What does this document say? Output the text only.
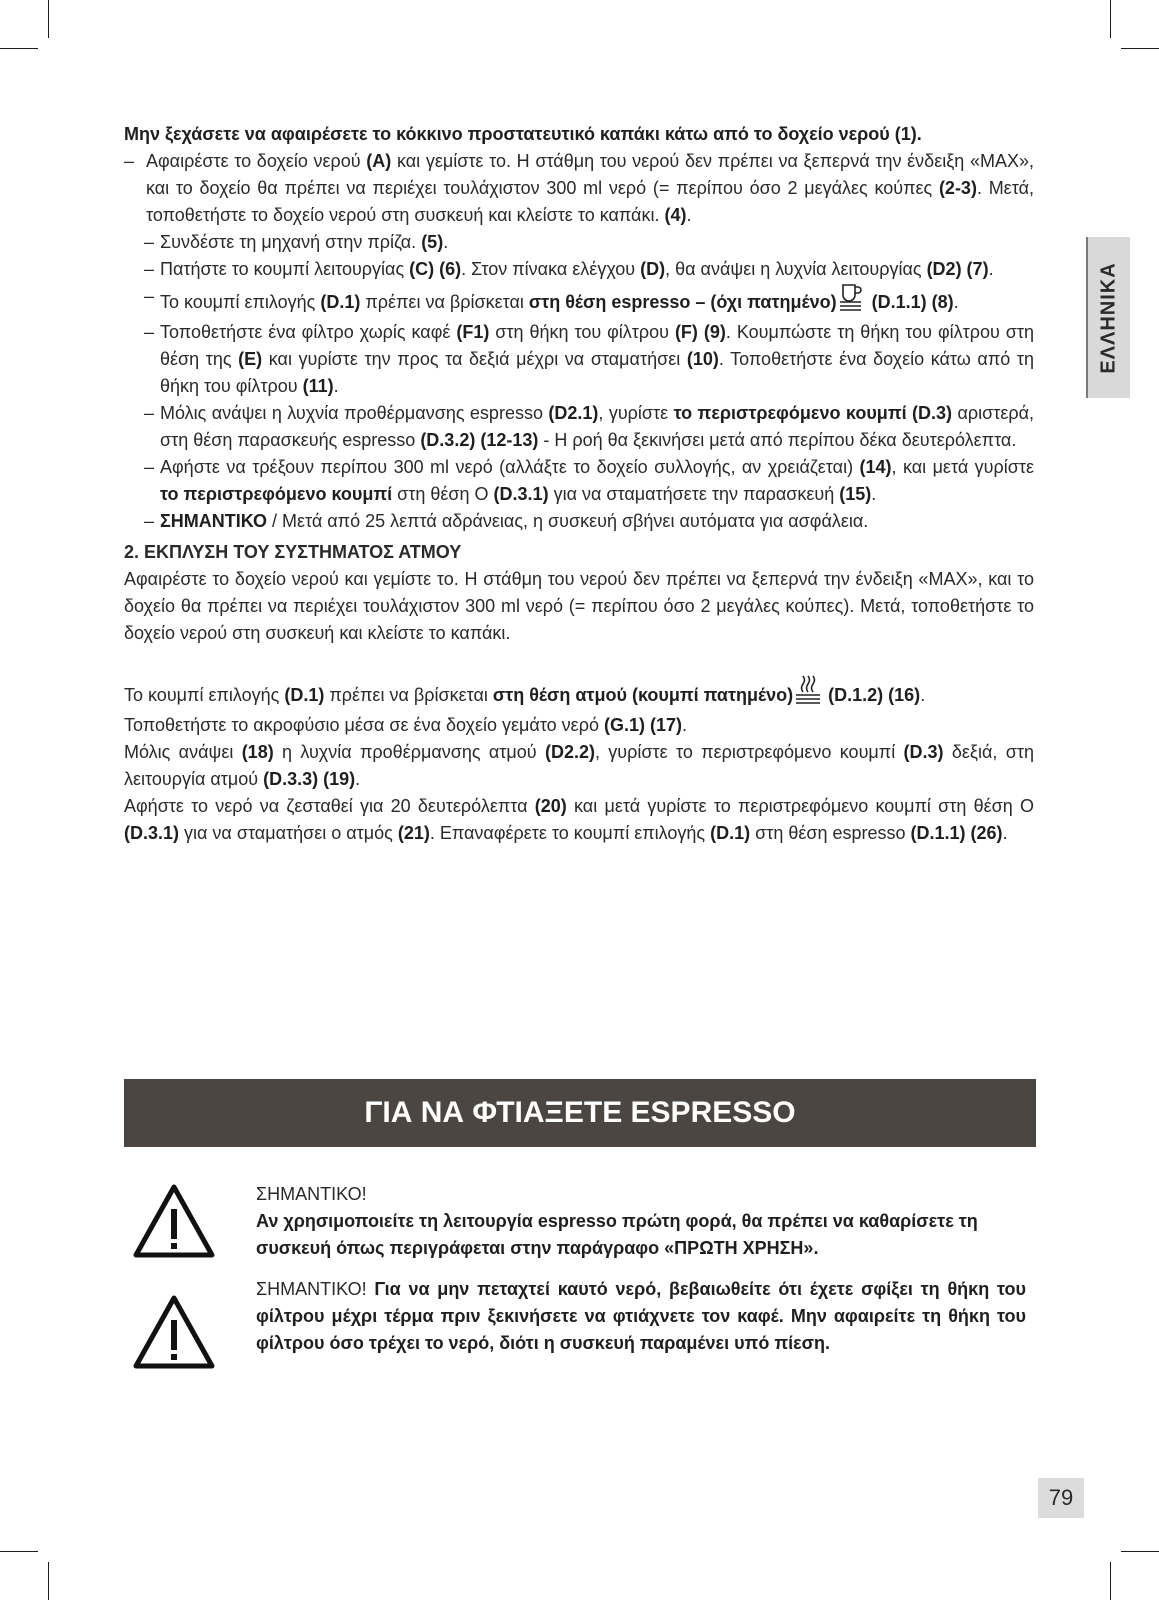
ΕΛΛΗΝΙΚΑ

Μην ξεχάσετε να αφαιρέσετε το κόκκινο προστατευτικό καπάκι κάτω από το δοχείο νερού (1).

– Αφαιρέστε το δοχείο νερού (A) και γεμίστε το. Η στάθμη του νερού δεν πρέπει να ξεπερνά την ένδειξη «MAX», και το δοχείο θα πρέπει να περιέχει τουλάχιστον 300 ml νερό (= περίπου όσο 2 μεγάλες κούπες (2-3). Μετά, τοποθετήστε το δοχείο νερού στη συσκευή και κλείστε το καπάκι. (4).

– Συνδέστε τη μηχανή στην πρίζα. (5).

– Πατήστε το κουμπί λειτουργίας (C) (6). Στον πίνακα ελέγχου (D), θα ανάψει η λυχνία λειτουργίας (D2) (7).

– Το κουμπί επιλογής (D.1) πρέπει να βρίσκεται στη θέση espresso – (όχι πατημένο) (D.1.1) (8).

– Τοποθετήστε ένα φίλτρο χωρίς καφέ (F1) στη θήκη του φίλτρου (F) (9). Κουμπώστε τη θήκη του φίλτρου στη θέση της (E) και γυρίστε την προς τα δεξιά μέχρι να σταματήσει (10). Τοποθετήστε ένα δοχείο κάτω από τη θήκη του φίλτρου (11).

– Μόλις ανάψει η λυχνία προθέρμανσης espresso (D2.1), γυρίστε το περιστρεφόμενο κουμπί (D.3) αριστερά, στη θέση παρασκευής espresso (D.3.2) (12-13) - Η ροή θα ξεκινήσει μετά από περίπου δέκα δευτερόλεπτα.

– Αφήστε να τρέξουν περίπου 300 ml νερό (αλλάξτε το δοχείο συλλογής, αν χρειάζεται) (14), και μετά γυρίστε το περιστρεφόμενο κουμπί στη θέση O (D.3.1) για να σταματήσετε την παρασκευή (15).

– ΣΗΜΑΝΤΙΚΟ / Μετά από 25 λεπτά αδράνειας, η συσκευή σβήνει αυτόματα για ασφάλεια.

2. ΕΚΠΛΥΣΗ ΤΟΥ ΣΥΣΤΗΜΑΤΟΣ ΑΤΜΟΥ

Αφαιρέστε το δοχείο νερού και γεμίστε το. Η στάθμη του νερού δεν πρέπει να ξεπερνά την ένδειξη «MAX», και το δοχείο θα πρέπει να περιέχει τουλάχιστον 300 ml νερό (= περίπου όσο 2 μεγάλες κούπες). Μετά, τοποθετήστε το δοχείο νερού στη συσκευή και κλείστε το καπάκι.

Το κουμπί επιλογής (D.1) πρέπει να βρίσκεται στη θέση ατμού (κουμπί πατημένο) (D.1.2) (16).

Τοποθετήστε το ακροφύσιο μέσα σε ένα δοχείο γεμάτο νερό (G.1) (17).

Μόλις ανάψει (18) η λυχνία προθέρμανσης ατμού (D2.2), γυρίστε το περιστρεφόμενο κουμπί (D.3) δεξιά, στη λειτουργία ατμού (D.3.3) (19).

Αφήστε το νερό να ζεσταθεί για 20 δευτερόλεπτα (20) και μετά γυρίστε το περιστρεφόμενο κουμπί στη θέση O (D.3.1) για να σταματήσει ο ατμός (21). Επαναφέρετε το κουμπί επιλογής (D.1) στη θέση espresso (D.1.1) (26).

ΓΙΑ ΝΑ ΦΤΙΑΞΕΤΕ ESPRESSO
ΣΗΜΑΝΤΙΚΟ!
Αν χρησιμοποιείτε τη λειτουργία espresso πρώτη φορά, θα πρέπει να καθαρίσετε τη συσκευή όπως περιγράφεται στην παράγραφο «ΠΡΩΤΗ ΧΡΗΣΗ».
ΣΗΜΑΝΤΙΚΟ! Για να μην πεταχτεί καυτό νερό, βεβαιωθείτε ότι έχετε σφίξει τη θήκη του φίλτρου μέχρι τέρμα πριν ξεκινήσετε να φτιάχνετε τον καφέ. Μην αφαιρείτε τη θήκη του φίλτρου όσο τρέχει το νερό, διότι η συσκευή παραμένει υπό πίεση.
79
